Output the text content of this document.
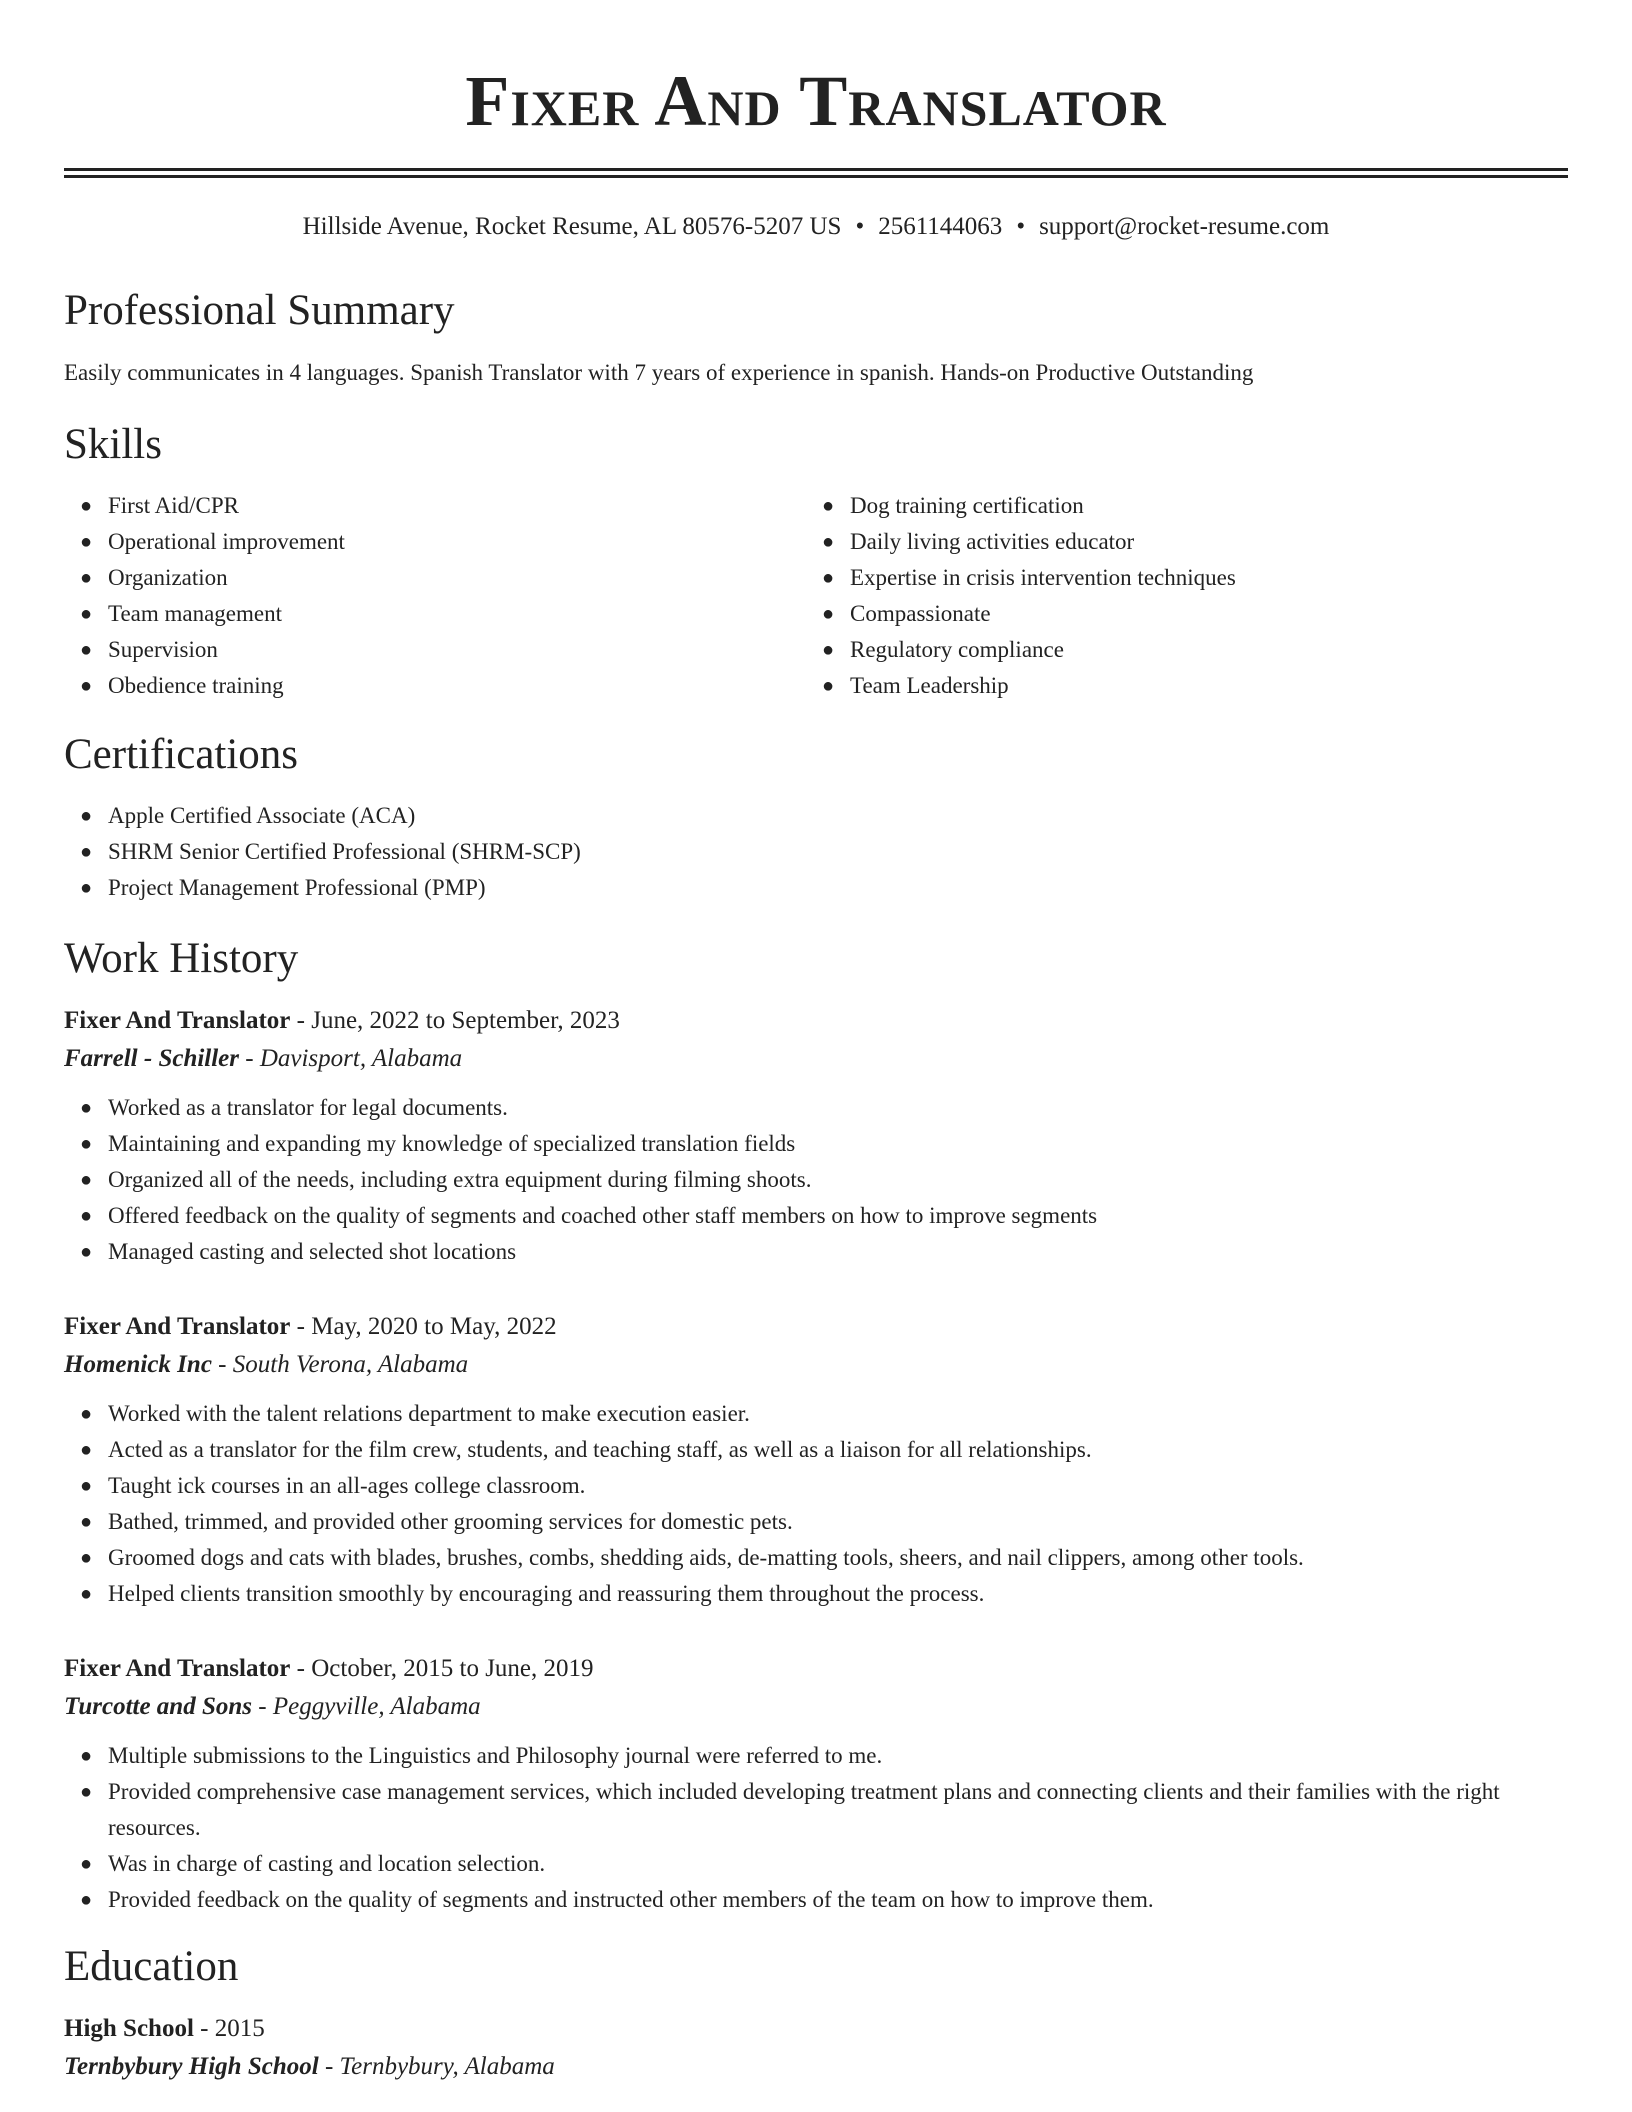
Fixer And Translator
Hillside Avenue, Rocket Resume, AL 80576-5207 US • 2561144063 • support@rocket-resume.com
Professional Summary
Easily communicates in 4 languages. Spanish Translator with 7 years of experience in spanish. Hands-on Productive Outstanding
Skills
● First Aid/CPR
● Operational improvement
● Organization
● Team management
● Supervision
● Obedience training
● Dog training certification
● Daily living activities educator
● Expertise in crisis intervention techniques
● Compassionate
● Regulatory compliance
● Team Leadership
Certifications
● Apple Certified Associate (ACA)
● SHRM Senior Certified Professional (SHRM-SCP)
● Project Management Professional (PMP)
Work History
Fixer And Translator - June, 2022 to September, 2023
Farrell - Schiller - Davisport, Alabama
● Worked as a translator for legal documents.
● Maintaining and expanding my knowledge of specialized translation fields
● Organized all of the needs, including extra equipment during filming shoots.
● Offered feedback on the quality of segments and coached other staff members on how to improve segments
● Managed casting and selected shot locations
Fixer And Translator - May, 2020 to May, 2022
Homenick Inc - South Verona, Alabama
● Worked with the talent relations department to make execution easier.
● Acted as a translator for the film crew, students, and teaching staff, as well as a liaison for all relationships.
● Taught ick courses in an all-ages college classroom.
● Bathed, trimmed, and provided other grooming services for domestic pets.
● Groomed dogs and cats with blades, brushes, combs, shedding aids, de-matting tools, sheers, and nail clippers, among other tools.
● Helped clients transition smoothly by encouraging and reassuring them throughout the process.
Fixer And Translator - October, 2015 to June, 2019
Turcotte and Sons - Peggyville, Alabama
● Multiple submissions to the Linguistics and Philosophy journal were referred to me.
● Provided comprehensive case management services, which included developing treatment plans and connecting clients and their families with the right resources.
● Was in charge of casting and location selection.
● Provided feedback on the quality of segments and instructed other members of the team on how to improve them.
Education
High School - 2015
Ternbybury High School - Ternbybury, Alabama
